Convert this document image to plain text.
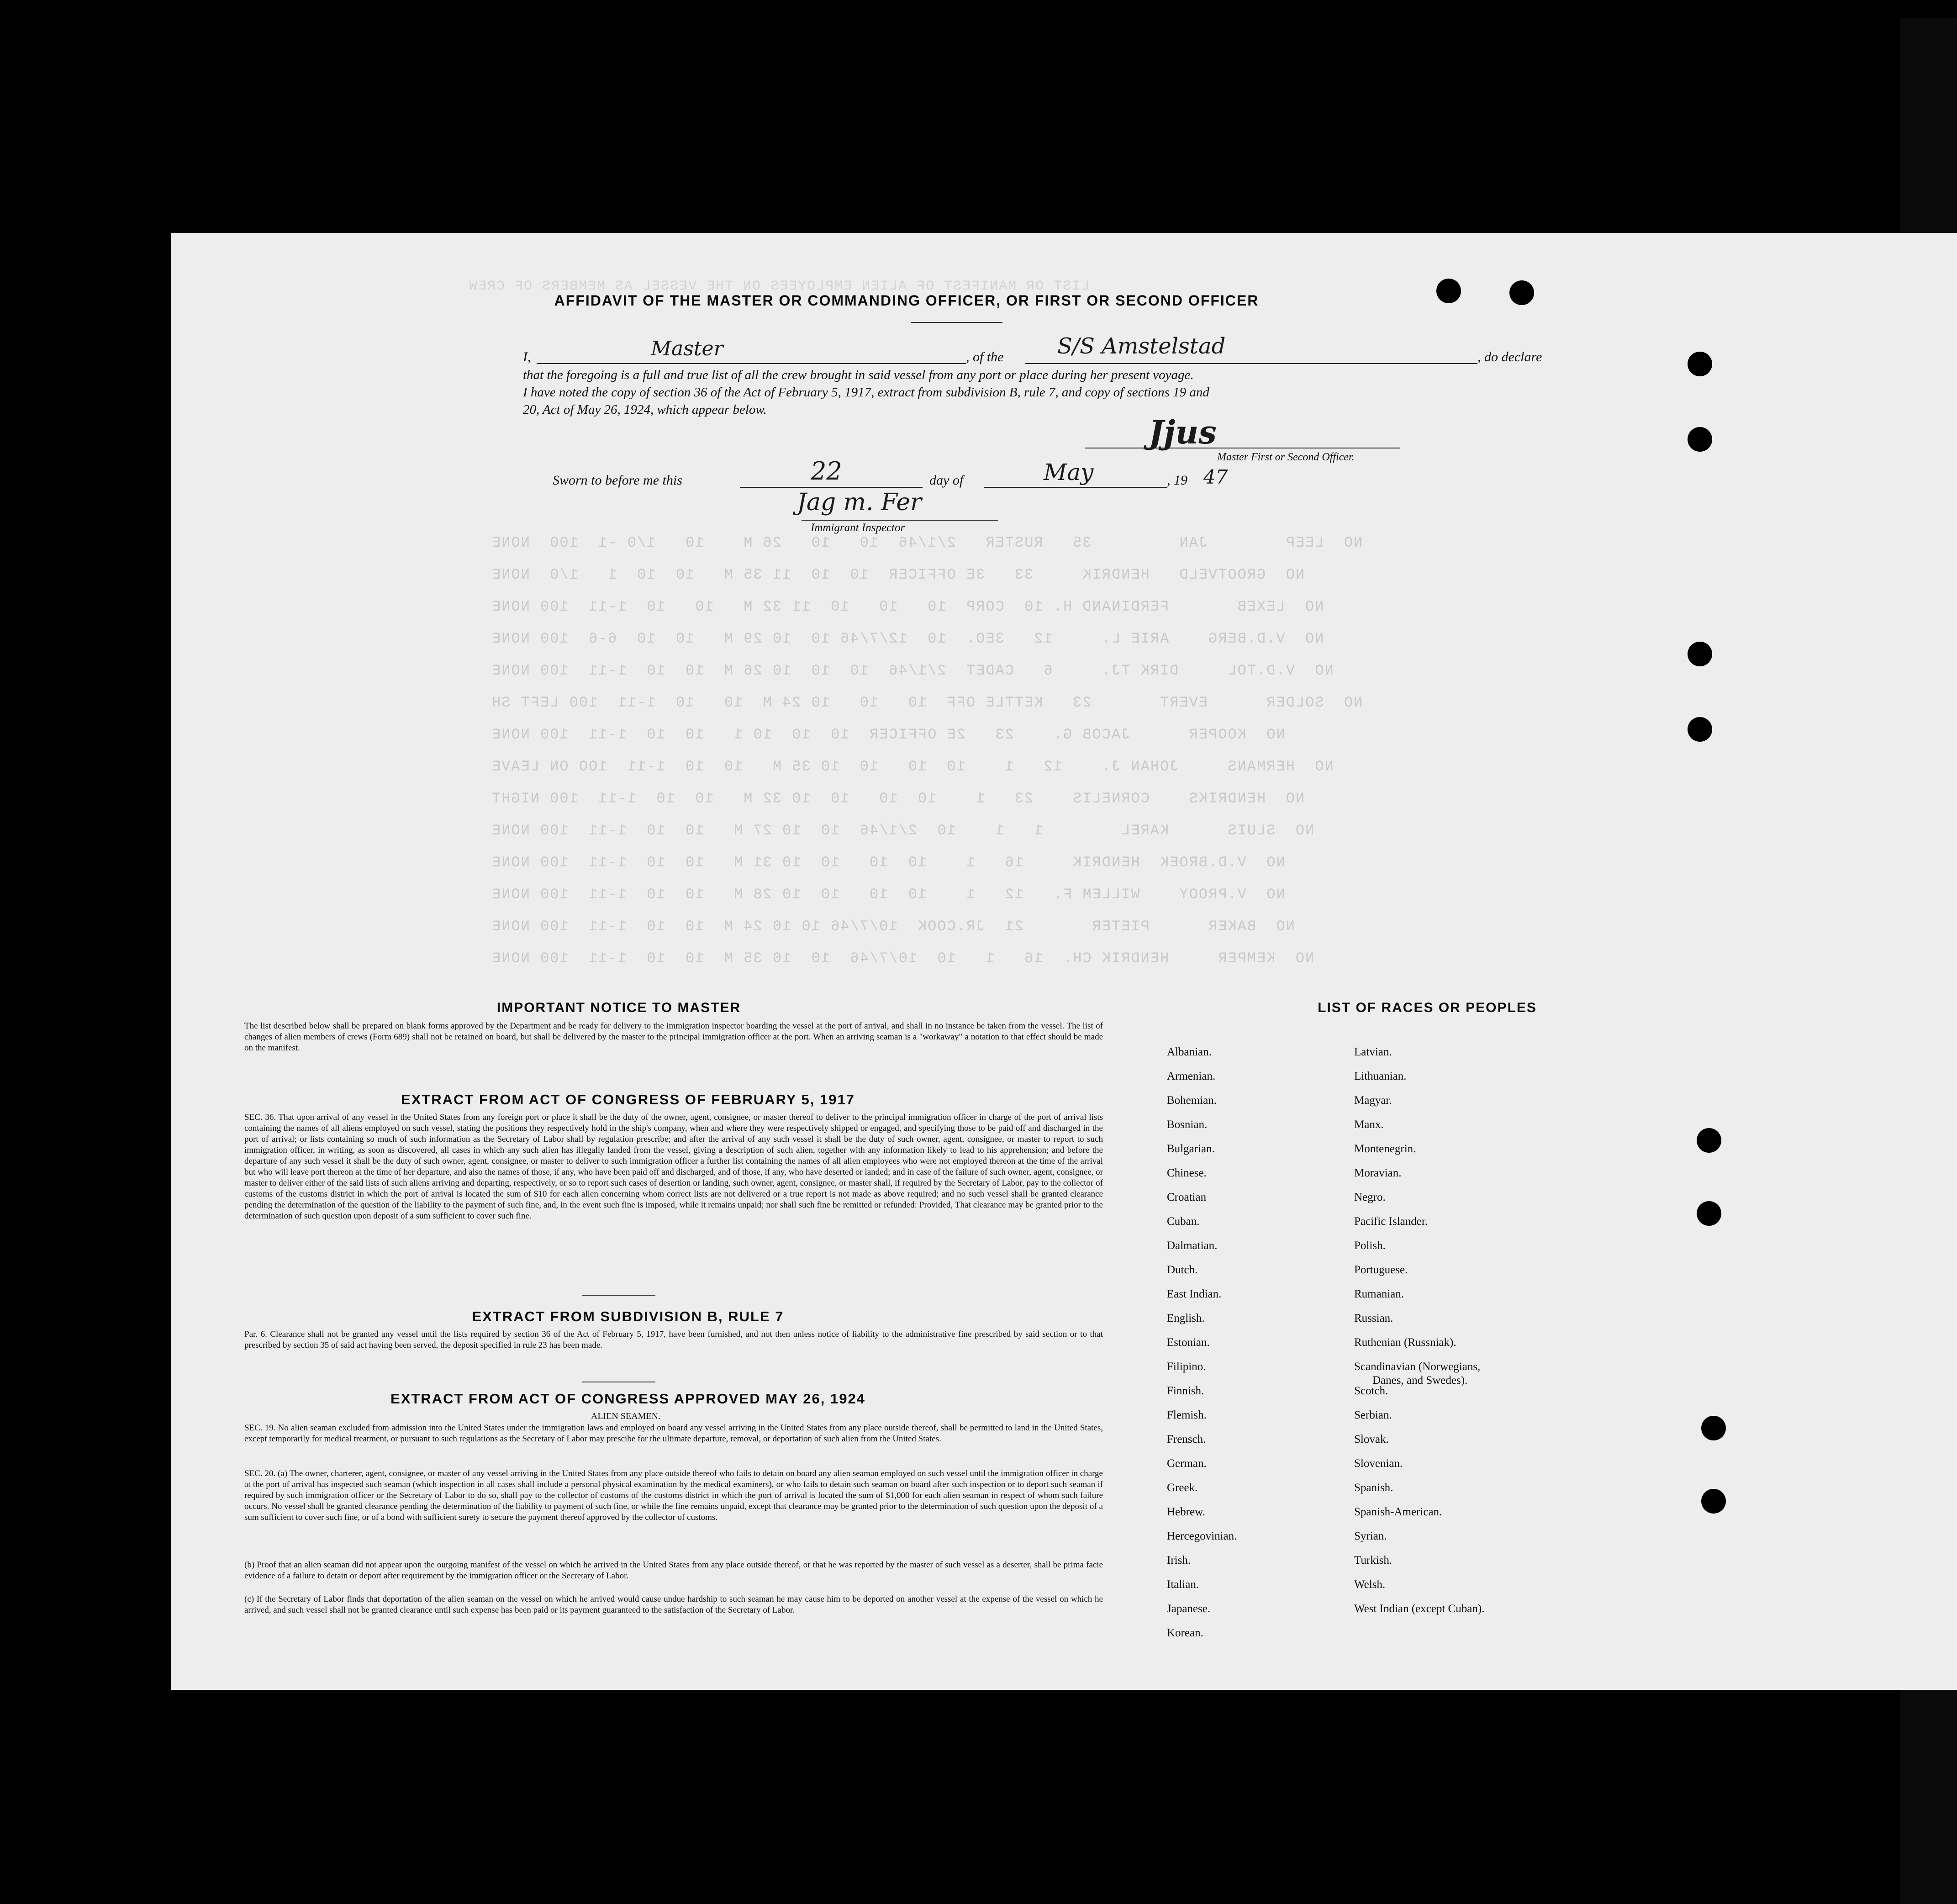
LIST OR MANIFEST OF ALIEN EMPLOYEES ON THE VESSEL AS MEMBERS OF CREW
NO  LEEP        JAN         35   RUSTER   2/1/46  10   10   26 M    10   1/0 -1  100  NONE
NO  GROOTVELD   HENDRIK     33   3E OFFICER  10  10  11 35 M   10  10  1   1/0  NONE
NO  LEXEB       FERDINAND H. 10  CORP  10   10   10  11 32 M   10   10  1-11  100 NONE
NO  V.D.BERG    ARIE L.     12   3EO.  10  12/7/46 10  10 29 M   10  10  6-6  100 NONE
NO  V.D.TOL     DIRK TJ.     6   CADET  2/1/46  10  10  10 26 M  10  10  1-11  100 NONE
NO  SOLDER      EVERT       23   KETTLE OFF  10   10   10 24 M  10   10  1-11  100 LEFT SH
NO  KOOPER      JACOB G.    23   2E OFFICER  10  10  10 1   10  10  1-11  100 NONE
NO  HERMANS     JOHAN J.    12   1    10  10   10  10 35 M   10  10  1-11  1OO ON LEAVE
NO  HENDRIKS    CORNELIS    23   1    10  10   10  10 32 M   10  10  1-11  100 NIGHT
NO  SLUIS      KAREL        1   1    10  2/1/46  10  10 27 M   10  10  1-11  100 NONE
NO  V.D.BROEK  HENDRIK     16   1    10  10   10  10 31 M   10  10  1-11  100 NONE
NO  V.PROOY    WILLEM F.   12   1    10  10   10  10 28 M   10  10  1-11  100 NONE
NO  BAKER      PIETER       21  JR.COOK  10/7/46 10 10 24 M  10  10  1-11  100 NONE
NO  KEMPER     HENDRIK CH.  16   1   10  10/7/46  10  10 35 M  10  10  1-11  100 NONE
AFFIDAVIT OF THE MASTER OR COMMANDING OFFICER, OR FIRST OR SECOND OFFICER
I,	Master	, of the S/S Amstelstad	, do declare
that the foregoing is a full and true list of all the crew brought in said vessel from any port or place during her present voyage.
I have noted the copy of section 36 of the Act of February 5, 1917, extract from subdivision B, rule 7, and copy of sections 19 and
20, Act of May 26, 1924, which appear below.
Jjus
Master First or Second Officer.
Sworn to before me this	22	day of	May	, 19 47
Jag m. Fer
Immigrant Inspector
IMPORTANT NOTICE TO MASTER
The list described below shall be prepared on blank forms approved by the Department and be ready for delivery to the immigration inspector boarding the vessel at the port of arrival, and shall in no instance be taken from the vessel. The list of changes of alien members of crews (Form 689) shall not be retained on board, but shall be delivered by the master to the principal immigration officer at the port. When an arriving seaman is a "workaway" a notation to that effect should be made on the manifest.
EXTRACT FROM ACT OF CONGRESS OF FEBRUARY 5, 1917
SEC. 36. That upon arrival of any vessel in the United States from any foreign port or place it shall be the duty of the owner, agent, consignee, or master thereof to deliver to the principal immigration officer in charge of the port of arrival lists containing the names of all aliens employed on such vessel, stating the positions they respectively hold in the ship's company, when and where they were respectively shipped or engaged, and specifying those to be paid off and discharged in the port of arrival; or lists containing so much of such information as the Secretary of Labor shall by regulation prescribe; and after the arrival of any such vessel it shall be the duty of such owner, agent, consignee, or master to report to such immigration officer, in writing, as soon as discovered, all cases in which any such alien has illegally landed from the vessel, giving a description of such alien, together with any information likely to lead to his apprehension; and before the departure of any such vessel it shall be the duty of such owner, agent, consignee, or master to deliver to such immigration officer a further list containing the names of all alien employees who were not employed thereon at the time of the arrival but who will leave port thereon at the time of her departure, and also the names of those, if any, who have been paid off and discharged, and of those, if any, who have deserted or landed; and in case of the failure of such owner, agent, consignee, or master to deliver either of the said lists of such aliens arriving and departing, respectively, or so to report such cases of desertion or landing, such owner, agent, consignee, or master shall, if required by the Secretary of Labor, pay to the collector of customs of the customs district in which the port of arrival is located the sum of $10 for each alien concerning whom correct lists are not delivered or a true report is not made as above required; and no such vessel shall be granted clearance pending the determination of the question of the liability to the payment of such fine, and, in the event such fine is imposed, while it remains unpaid; nor shall such fine be remitted or refunded: Provided, That clearance may be granted prior to the determination of such question upon deposit of a sum sufficient to cover such fine.
EXTRACT FROM SUBDIVISION B, RULE 7
Par. 6. Clearance shall not be granted any vessel until the lists required by section 36 of the Act of February 5, 1917, have been furnished, and not then unless notice of liability to the administrative fine prescribed by said section or to that prescribed by section 35 of said act having been served, the deposit specified in rule 23 has been made.
EXTRACT FROM ACT OF CONGRESS APPROVED MAY 26, 1924
ALIEN SEAMEN.–
SEC. 19. No alien seaman excluded from admission into the United States under the immigration laws and employed on board any vessel arriving in the United States from any place outside thereof, shall be permitted to land in the United States, except temporarily for medical treatment, or pursuant to such regulations as the Secretary of Labor may prescibe for the ultimate departure, removal, or deportation of such alien from the United States.
SEC. 20. (a) The owner, charterer, agent, consignee, or master of any vessel arriving in the United States from any place outside thereof who fails to detain on board any alien seaman employed on such vessel until the immigration officer in charge at the port of arrival has inspected such seaman (which inspection in all cases shall include a personal physical examination by the medical examiners), or who fails to detain such seaman on board after such inspection or to deport such seaman if required by such immigration officer or the Secretary of Labor to do so, shall pay to the collector of customs of the customs district in which the port of arrival is located the sum of $1,000 for each alien seaman in respect of whom such failure occurs. No vessel shall be granted clearance pending the determination of the liability to payment of such fine, or while the fine remains unpaid, except that clearance may be granted prior to the determination of such question upon the deposit of a sum sufficient to cover such fine, or of a bond with sufficient surety to secure the payment thereof approved by the collector of customs.
(b) Proof that an alien seaman did not appear upon the outgoing manifest of the vessel on which he arrived in the United States from any place outside thereof, or that he was reported by the master of such vessel as a deserter, shall be prima facie evidence of a failure to detain or deport after requirement by the immigration officer or the Secretary of Labor.
(c) If the Secretary of Labor finds that deportation of the alien seaman on the vessel on which he arrived would cause undue hardship to such seaman he may cause him to be deported on another vessel at the expense of the vessel on which he arrived, and such vessel shall not be granted clearance until such expense has been paid or its payment guaranteed to the satisfaction of the Secretary of Labor.
LIST OF RACES OR PEOPLES
Albanian.
Armenian.
Bohemian.
Bosnian.
Bulgarian.
Chinese.
Croatian
Cuban.
Dalmatian.
Dutch.
East Indian.
English.
Estonian.
Filipino.
Finnish.
Flemish.
Frensch.
German.
Greek.
Hebrew.
Hercegovinian.
Irish.
Italian.
Japanese.
Korean.
Latvian.
Lithuanian.
Magyar.
Manx.
Montenegrin.
Moravian.
Negro.
Pacific Islander.
Polish.
Portuguese.
Rumanian.
Russian.
Ruthenian (Russniak).
Scandinavian (Norwegians,
Danes, and Swedes).
Scotch.
Serbian.
Slovak.
Slovenian.
Spanish.
Spanish-American.
Syrian.
Turkish.
Welsh.
West Indian (except Cuban).
